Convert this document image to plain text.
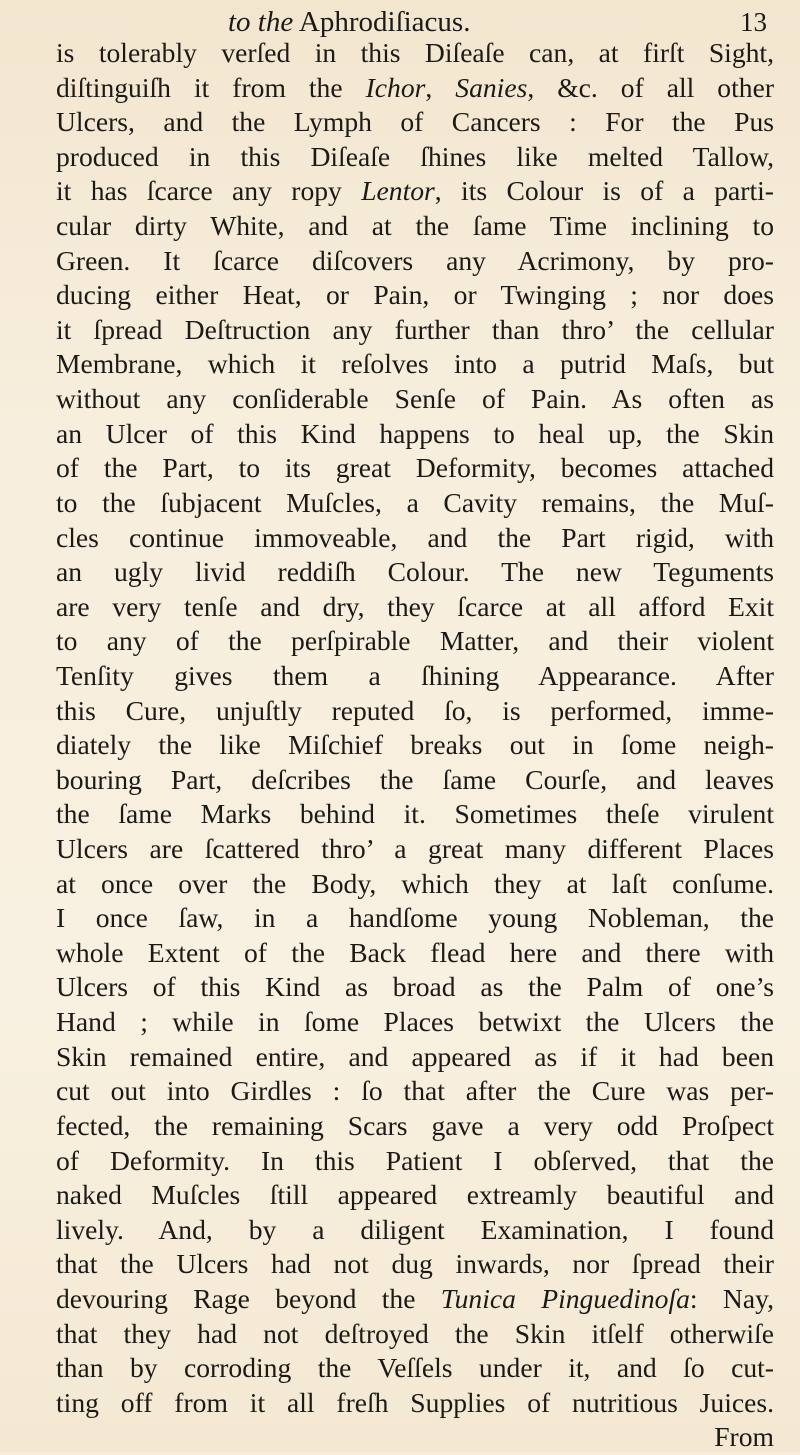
to the Aphrodiſiacus.	13
is tolerably verſed in this Diſeaſe can, at firſt Sight,
diſtinguiſh it from the Ichor, Sanies, &c. of all other
Ulcers, and the Lymph of Cancers : For the Pus
produced in this Diſeaſe ſhines like melted Tallow,
it has ſcarce any ropy Lentor, its Colour is of a parti-
cular dirty White, and at the ſame Time inclining to
Green. It ſcarce diſcovers any Acrimony, by pro-
ducing either Heat, or Pain, or Twinging ; nor does
it ſpread Deſtruction any further than thro’ the cellular
Membrane, which it reſolves into a putrid Maſs, but
without any conſiderable Senſe of Pain. As often as
an Ulcer of this Kind happens to heal up, the Skin
of the Part, to its great Deformity, becomes attached
to the ſubjacent Muſcles, a Cavity remains, the Muſ-
cles continue immoveable, and the Part rigid, with
an ugly livid reddiſh Colour. The new Teguments
are very tenſe and dry, they ſcarce at all afford Exit
to any of the perſpirable Matter, and their violent
Tenſity gives them a ſhining Appearance. After
this Cure, unjuſtly reputed ſo, is performed, imme-
diately the like Miſchief breaks out in ſome neigh-
bouring Part, deſcribes the ſame Courſe, and leaves
the ſame Marks behind it. Sometimes theſe virulent
Ulcers are ſcattered thro’ a great many different Places
at once over the Body, which they at laſt conſume.
I once ſaw, in a handſome young Nobleman, the
whole Extent of the Back flead here and there with
Ulcers of this Kind as broad as the Palm of one’s
Hand ; while in ſome Places betwixt the Ulcers the
Skin remained entire, and appeared as if it had been
cut out into Girdles : ſo that after the Cure was per-
fected, the remaining Scars gave a very odd Proſpect
of Deformity. In this Patient I obſerved, that the
naked Muſcles ſtill appeared extreamly beautiful and
lively. And, by a diligent Examination, I found
that the Ulcers had not dug inwards, nor ſpread their
devouring Rage beyond the Tunica Pinguedinoſa: Nay,
that they had not deſtroyed the Skin itſelf otherwiſe
than by corroding the Veſſels under it, and ſo cut-
ting off from it all freſh Supplies of nutritious Juices.
From
